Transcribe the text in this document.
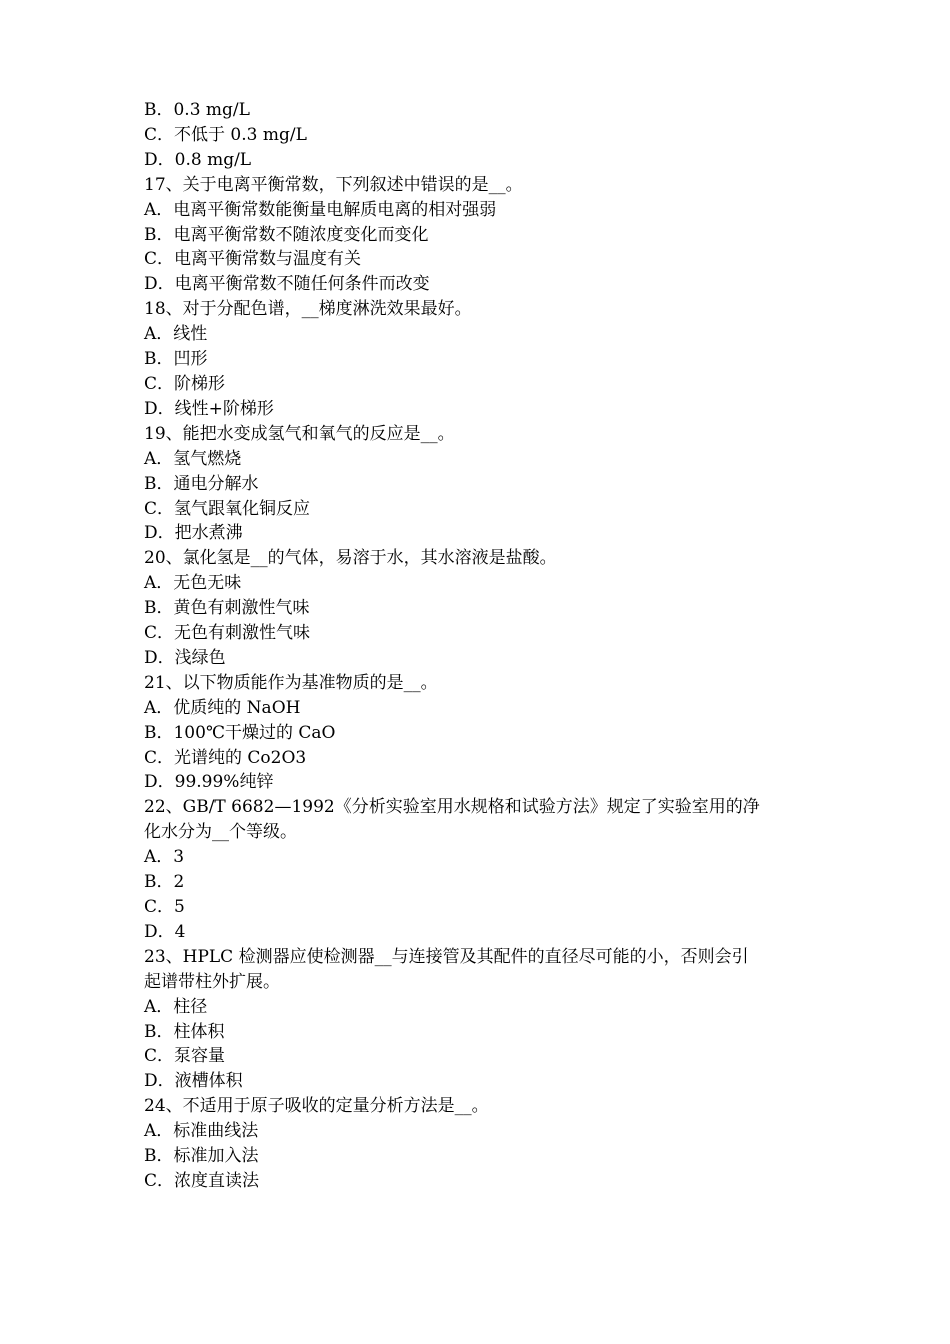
B．0.3 mg/L

C．不低于 0.3 mg/L

D．0.8 mg/L

17、关于电离平衡常数，下列叙述中错误的是__。

A．电离平衡常数能衡量电解质电离的相对强弱

B．电离平衡常数不随浓度变化而变化

C．电离平衡常数与温度有关

D．电离平衡常数不随任何条件而改变

18、对于分配色谱，__梯度淋洗效果最好。

A．线性

B．凹形

C．阶梯形

D．线性+阶梯形

19、能把水变成氢气和氧气的反应是__。

A．氢气燃烧

B．通电分解水

C．氢气跟氧化铜反应

D．把水煮沸

20、氯化氢是__的气体，易溶于水，其水溶液是盐酸。

A．无色无味

B．黄色有刺激性气味

C．无色有刺激性气味

D．浅绿色

21、以下物质能作为基准物质的是__。

A．优质纯的 NaOH

B．100℃干燥过的 CaO

C．光谱纯的 Co2O3

D．99.99%纯锌

22、GB/T 6682—1992《分析实验室用水规格和试验方法》规定了实验室用的净

化水分为__个等级。

A．3

B．2

C．5

D．4

23、HPLC 检测器应使检测器__与连接管及其配件的直径尽可能的小，否则会引

起谱带柱外扩展。

A．柱径

B．柱体积

C．泵容量

D．液槽体积

24、不适用于原子吸收的定量分析方法是__。

A．标准曲线法

B．标准加入法

C．浓度直读法
